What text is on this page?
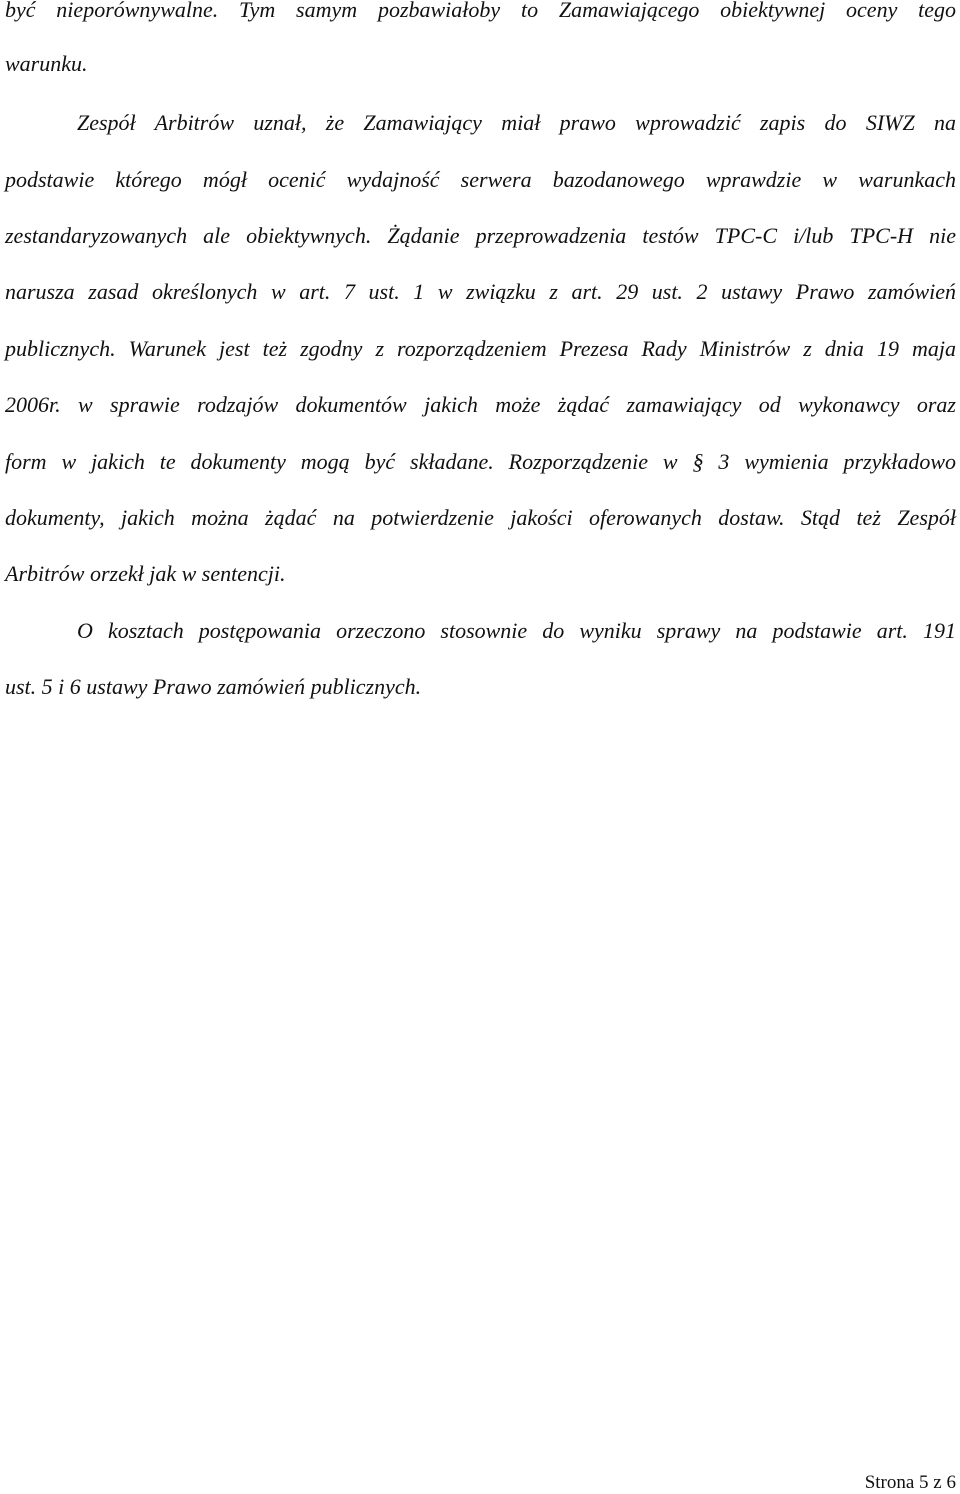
być nieporównywalne. Tym samym pozbawiałoby to Zamawiającego obiektywnej oceny tego
warunku.
Zespół Arbitrów uznał, że Zamawiający miał prawo wprowadzić zapis do SIWZ na
podstawie którego mógł ocenić wydajność serwera bazodanowego wprawdzie w warunkach
zestandaryzowanych ale obiektywnych. Żądanie przeprowadzenia testów TPC-C i/lub TPC-H nie
narusza zasad określonych w art. 7 ust. 1 w związku z art. 29 ust. 2 ustawy Prawo zamówień
publicznych. Warunek jest też zgodny z rozporządzeniem Prezesa Rady Ministrów z dnia 19 maja
2006r. w sprawie rodzajów dokumentów jakich może żądać zamawiający od wykonawcy oraz
form w jakich te dokumenty mogą być składane. Rozporządzenie w § 3 wymienia przykładowo
dokumenty, jakich można żądać na potwierdzenie jakości oferowanych dostaw. Stąd też Zespół
Arbitrów orzekł jak w sentencji.
O kosztach postępowania orzeczono stosownie do wyniku sprawy na podstawie art. 191
ust. 5 i 6 ustawy Prawo zamówień publicznych.
Strona 5 z 6
